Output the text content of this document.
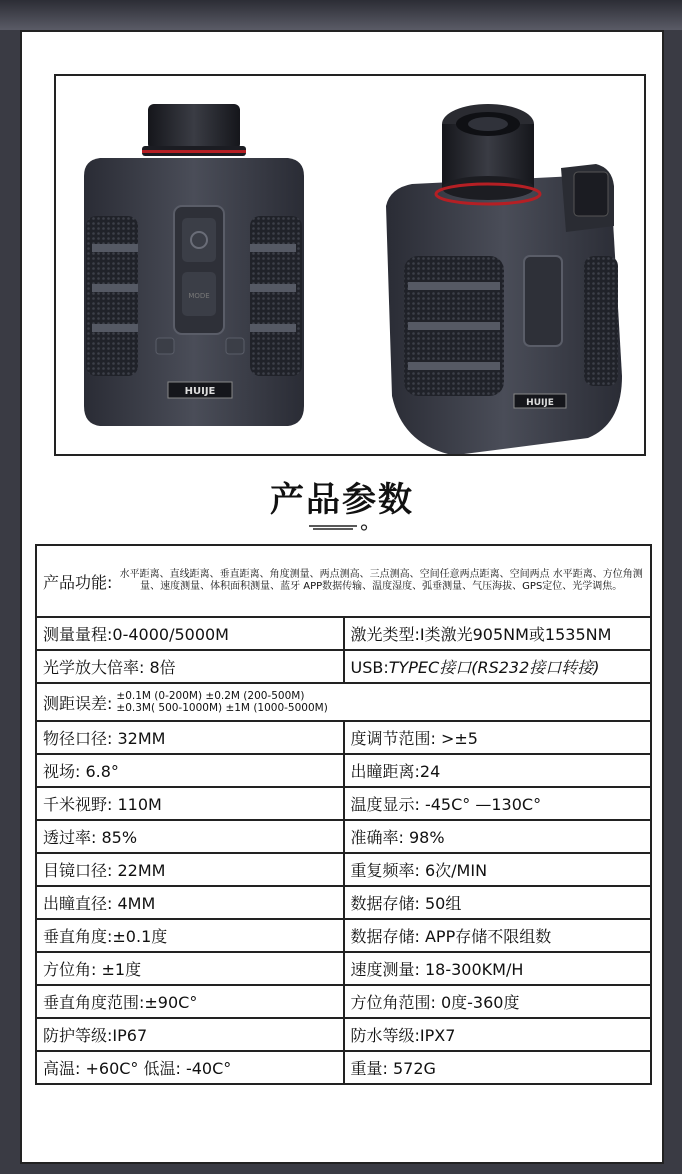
MODE
HUIJE
HUIJE
产品参数
产品功能: 水平距离、直线距离、垂直距离、角度测量、两点测高、三点测高、空间任意两点距离、空间两点 水平距离、方位角测量、速度测量、体积面积测量、蓝牙 APP数据传输、温度湿度、弧垂测量、气压海拔、GPS定位、光学调焦。	

测量量程:0-4000/5000M	激光类型:I类激光905NM或1535NM
光学放大倍率: 8倍	USB:TYPEC接口(RS232接口转接)

测距误差: ±0.1M (0-200M) ±0.2M (200-500M)
±0.3M( 500-1000M) ±1M (1000-5000M)	

物径口径: 32MM	度调节范围: >±5
视场: 6.8°	出瞳距离:24
千米视野: 110M	温度显示: -45C° —130C°
透过率: 85%	准确率: 98%
目镜口径: 22MM	重复频率: 6次/MIN
出瞳直径: 4MM	数据存储: 50组
垂直角度:±0.1度	数据存储: APP存储不限组数
方位角: ±1度	速度测量: 18-300KM/H
垂直角度范围:±90C°	方位角范围: 0度-360度
防护等级:IP67	防水等级:IPX7
高温: +60C° 低温: -40C°	重量: 572G
